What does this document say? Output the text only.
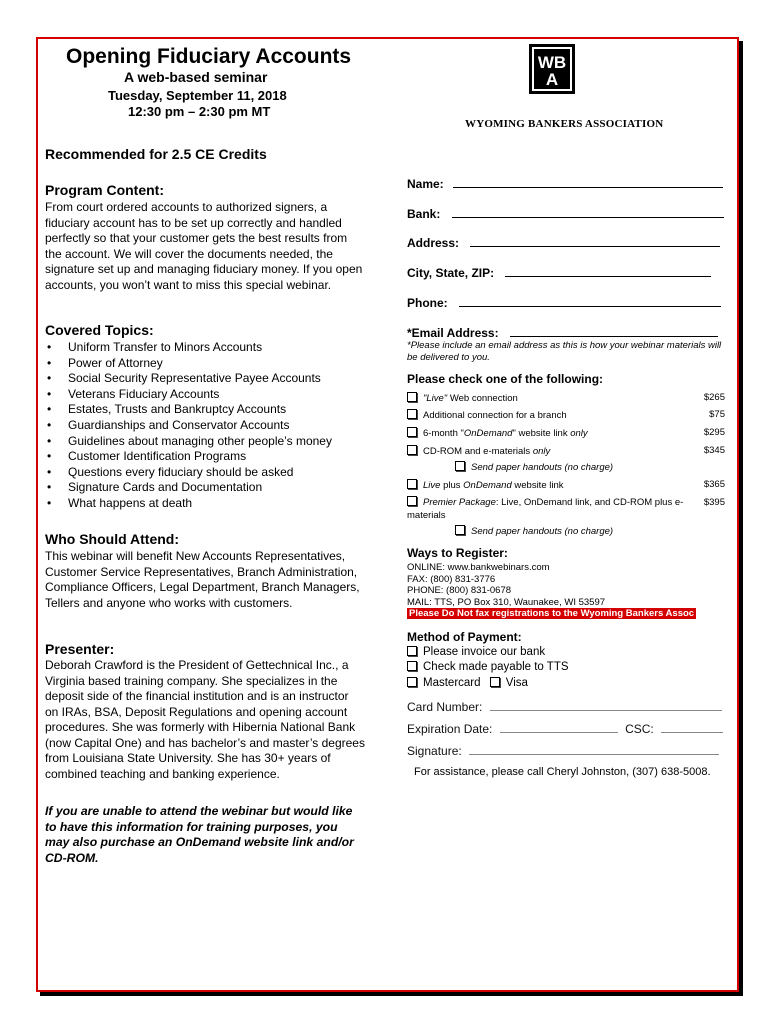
Opening Fiduciary Accounts
A web-based seminar
Tuesday, September 11, 2018
12:30 pm – 2:30 pm MT
WB
A
WYOMING BANKERS ASSOCIATION
Recommended for 2.5 CE Credits
Program Content:
From court ordered accounts to authorized signers, a fiduciary account has to be set up correctly and handled perfectly so that your customer gets the best results from the account. We will cover the documents needed, the signature set up and managing fiduciary money. If you open accounts, you won’t want to miss this special webinar.
Covered Topics:
• Uniform Transfer to Minors Accounts
• Power of Attorney
• Social Security Representative Payee Accounts
• Veterans Fiduciary Accounts
• Estates, Trusts and Bankruptcy Accounts
• Guardianships and Conservator Accounts
• Guidelines about managing other people’s money
• Customer Identification Programs
• Questions every fiduciary should be asked
• Signature Cards and Documentation
• What happens at death
Who Should Attend:
This webinar will benefit New Accounts Representatives, Customer Service Representatives, Branch Administration, Compliance Officers, Legal Department, Branch Managers, Tellers and anyone who works with customers.
Presenter:
Deborah Crawford is the President of Gettechnical Inc., a Virginia based training company. She specializes in the deposit side of the financial institution and is an instructor on IRAs, BSA, Deposit Regulations and opening account procedures. She was formerly with Hibernia National Bank (now Capital One) and has bachelor’s and master’s degrees from Louisiana State University. She has 30+ years of combined teaching and banking experience.
If you are unable to attend the webinar but would like to have this information for training purposes, you may also purchase an OnDemand website link and/or CD-ROM.
Name:
Bank:
Address:
City, State, ZIP:
Phone:
*Email Address:
*Please include an email address as this is how your webinar materials will be delivered to you.
Please check one of the following:
"Live" Web connection	$265
Additional connection for a branch	$75
6-month "OnDemand" website link only	$295
CD-ROM and e-materials only	$345
Send paper handouts (no charge)
Live plus OnDemand website link	$365
Premier Package: Live, OnDemand link, and CD-ROM plus e-materials
$395
Send paper handouts (no charge)
Ways to Register:
ONLINE: www.bankwebinars.com
FAX: (800) 831-3776
PHONE: (800) 831-0678
MAIL: TTS, PO Box 310, Waunakee, WI 53597
Please Do Not fax registrations to the Wyoming Bankers Assoc
Method of Payment:
Please invoice our bank
Check made payable to TTS
Mastercard Visa
Card Number:
Expiration Date:	CSC:
Signature:
For assistance, please call Cheryl Johnston, (307) 638-5008.
